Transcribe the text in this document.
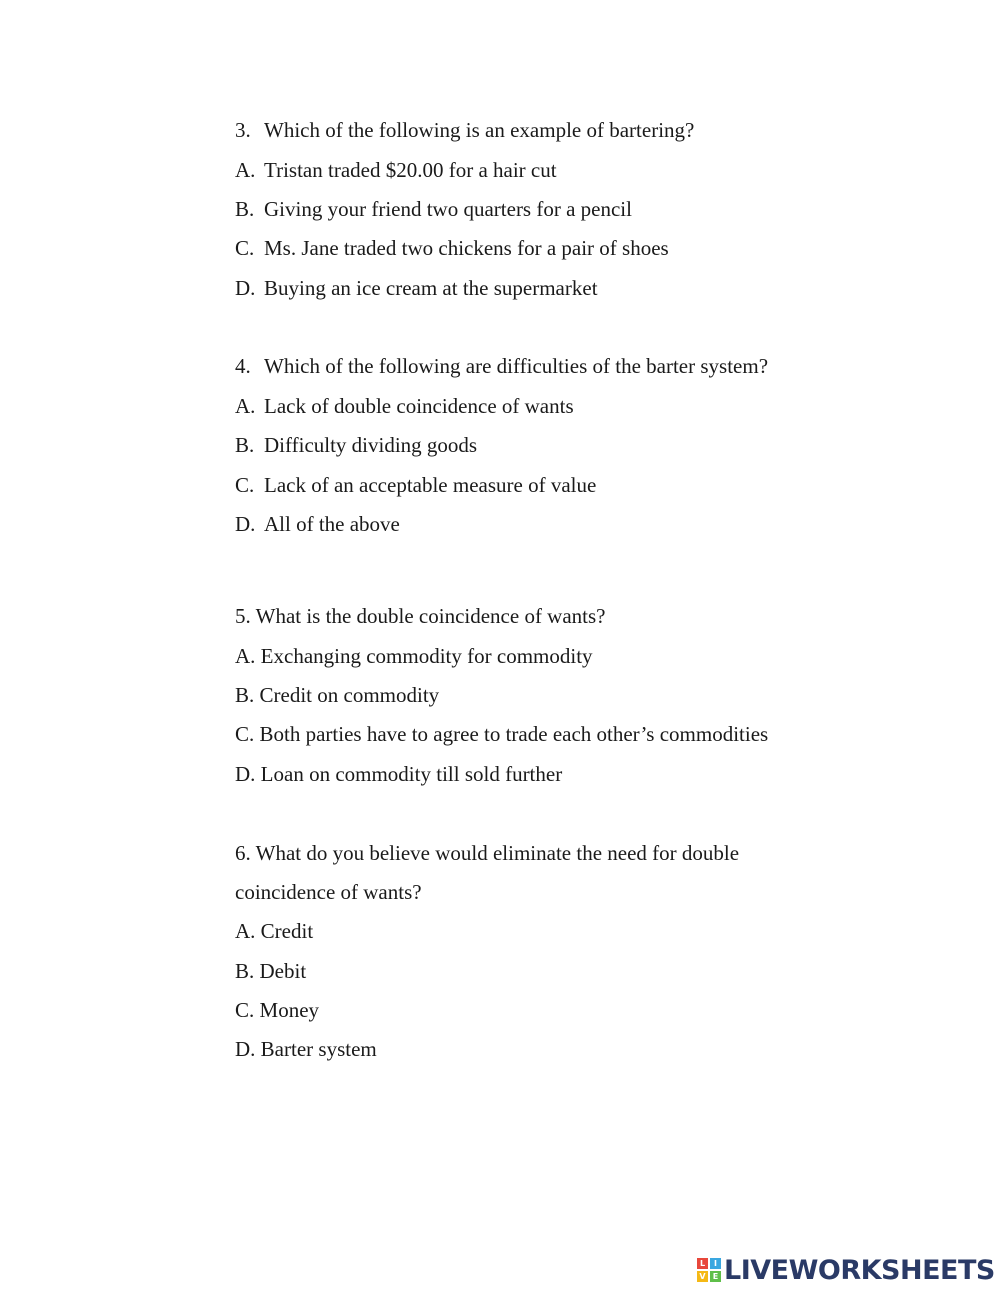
3. Which of the following is an example of bartering?
A. Tristan traded $20.00 for a hair cut
B. Giving your friend two quarters for a pencil
C. Ms. Jane traded two chickens for a pair of shoes
D. Buying an ice cream at the supermarket
4. Which of the following are difficulties of the barter system?
A. Lack of double coincidence of wants
B. Difficulty dividing goods
C. Lack of an acceptable measure of value
D. All of the above
5. What is the double coincidence of wants?
A. Exchanging commodity for commodity
B. Credit on commodity
C. Both parties have to agree to trade each other’s commodities
D. Loan on commodity till sold further
6. What do you believe would eliminate the need for double
coincidence of wants?
A. Credit
B. Debit
C. Money
D. Barter system
L	I
V E LIVEWORKSHEETS
